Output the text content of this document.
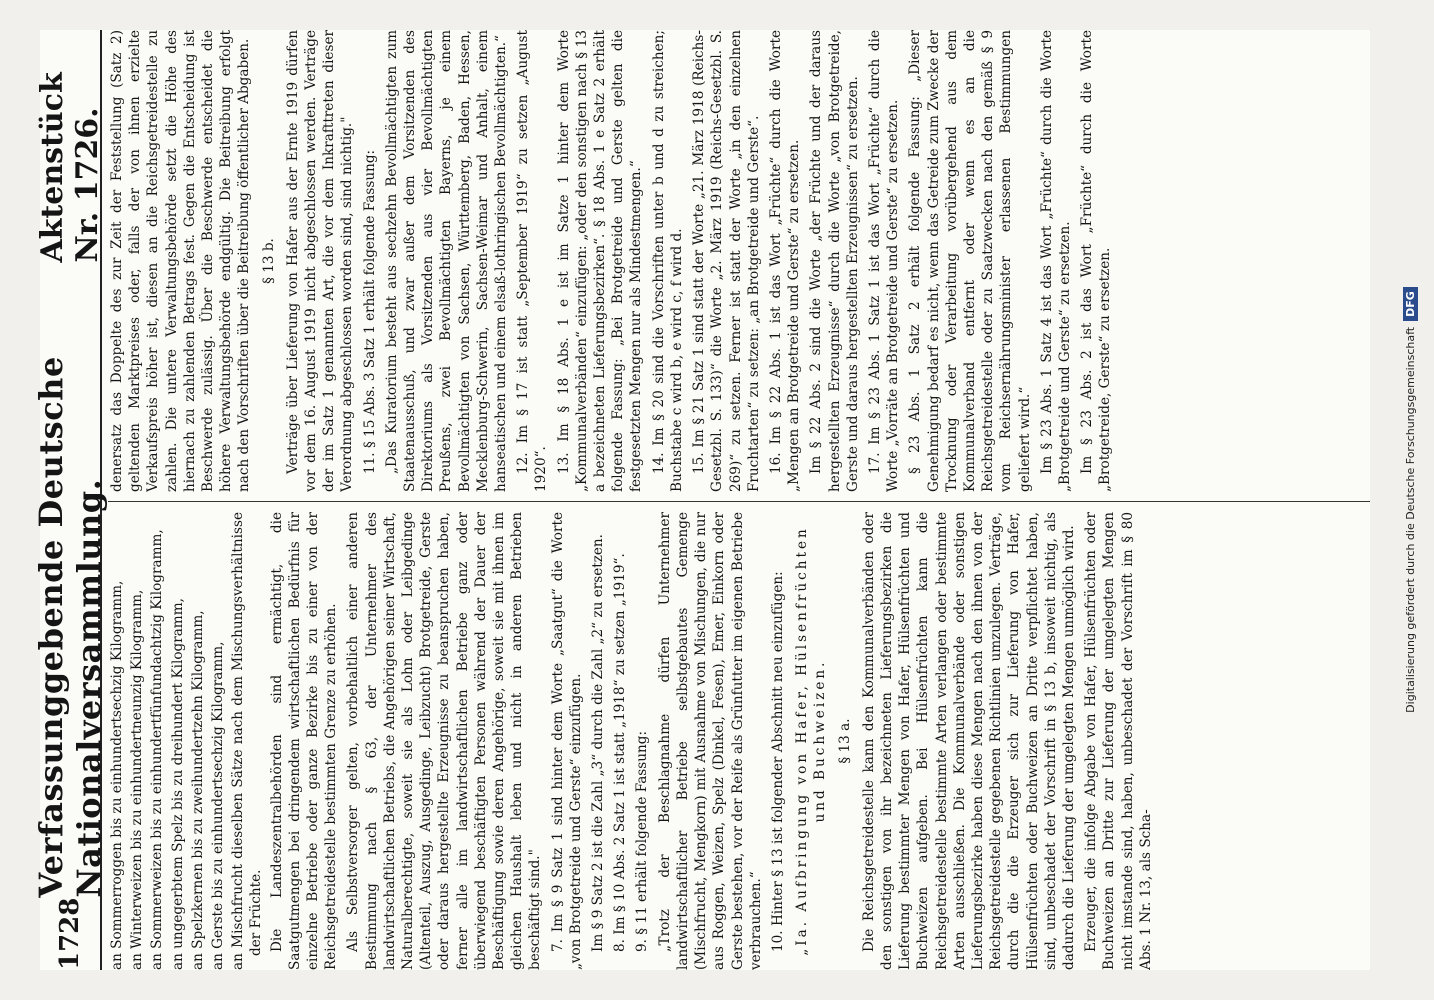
1728
Verfassunggebende Deutsche Nationalversammlung.
Aktenstück Nr. 1726.

an Sommerroggen bis zu einhundertsechzig Kilogramm, an Winterweizen bis zu einhundertneunzig Kilogramm, an Sommerweizen bis zu einhundertfünfundachtzig Kilogramm, an ungegerbtem Spelz bis zu dreihundert Kilogramm, an Spelzkernen bis zu zweihundertzehn Kilogramm, an Gerste bis zu einhundertsechzig Kilogramm, an Mischfrucht dieselben Sätze nach dem Mischungsverhältnisse der Früchte. Die Landeszentralbehörden sind ermächtigt, die Saatgutmengen bei dringendem wirtschaftlichen Bedürfnis für einzelne Betriebe oder ganze Bezirke bis zu einer von der Reichsgetreidestelle bestimmten Grenze zu erhöhen. Als Selbstversorger gelten, vorbehaltlich einer anderen Bestimmung nach § 63, der Unternehmer des landwirtschaftlichen Betriebs, die Angehörigen seiner Wirtschaft, Naturalberechtigte, soweit sie als Lohn oder Leibgedinge (Altenteil, Auszug, Ausgedinge, Leibzucht) Brotgetreide, Gerste oder daraus hergestellte Erzeugnisse zu beanspruchen haben, ferner alle im landwirtschaftlichen Betriebe ganz oder überwiegend beschäftigten Personen während der Dauer der Beschäftigung sowie deren Angehörige, soweit sie mit ihnen im gleichen Haushalt leben und nicht in anderen Betrieben beschäftigt sind." 7. Im § 9 Satz 1 sind hinter dem Worte „Saatgut“ die Worte „von Brotgetreide und Gerste“ einzufügen. Im § 9 Satz 2 ist die Zahl „3“ durch die Zahl „2“ zu ersetzen. 8. Im § 10 Abs. 2 Satz 1 ist statt „1918“ zu setzen „1919“. 9. § 11 erhält folgende Fassung: „Trotz der Beschlagnahme dürfen Unternehmer landwirtschaftlicher Betriebe selbstgebautes Gemenge (Mischfrucht, Mengkorn) mit Ausnahme von Mischungen, die nur aus Roggen, Weizen, Spelz (Dinkel, Fesen), Emer, Einkorn oder Gerste bestehen, vor der Reife als Grünfutter im eigenen Betriebe verbrauchen.“ 10. Hinter § 13 ist folgender Abschnitt neu einzufügen: „Ia. Aufbringung von Hafer, Hülsenfrüchten und Buchweizen. § 13 a. Die Reichsgetreidestelle kann den Kommunalverbänden oder den sonstigen von ihr bezeichneten Lieferungsbezirken die Lieferung bestimmter Mengen von Hafer, Hülsenfrüchten und Buchweizen aufgeben. Bei Hülsenfrüchten kann die Reichsgetreidestelle bestimmte Arten verlangen oder bestimmte Arten ausschließen. Die Kommunalverbände oder sonstigen Lieferungsbezirke haben diese Mengen nach den ihnen von der Reichsgetreidestelle gegebenen Richtlinien umzulegen. Verträge, durch die die Erzeuger sich zur Lieferung von Hafer, Hülsenfrüchten oder Buchweizen an Dritte verpflichtet haben, sind, unbeschadet der Vorschrift in § 13 b, insoweit nichtig, als dadurch die Lieferung der umgelegten Mengen unmöglich wird. Erzeuger, die infolge Abgabe von Hafer, Hülsenfrüchten oder Buchweizen an Dritte zur Lieferung der umgelegten Mengen nicht imstande sind, haben, unbeschadet der Vorschrift im § 80 Abs. 1 Nr. 13, als Scha-

denersatz das Doppelte des zur Zeit der Feststellung (Satz 2) geltenden Marktpreises oder, falls der von ihnen erzielte Verkaufspreis höher ist, diesen an die Reichsgetreidestelle zu zahlen. Die untere Verwaltungsbehörde setzt die Höhe des hiernach zu zahlenden Betrags fest. Gegen die Entscheidung ist Beschwerde zulässig. Über die Beschwerde entscheidet die höhere Verwaltungsbehörde endgültig. Die Beitreibung erfolgt nach den Vorschriften über die Beitreibung öffentlicher Abgaben. § 13 b. Verträge über Lieferung von Hafer aus der Ernte 1919 dürfen vor dem 16. August 1919 nicht abgeschlossen werden. Verträge der im Satz 1 genannten Art, die vor dem Inkrafttreten dieser Verordnung abgeschlossen worden sind, sind nichtig." 11. § 15 Abs. 3 Satz 1 erhält folgende Fassung: „Das Kuratorium besteht aus sechzehn Bevollmächtigten zum Staatenausschuß, und zwar außer dem Vorsitzenden des Direktoriums als Vorsitzenden aus vier Bevollmächtigten Preußens, zwei Bevollmächtigten Bayerns, je einem Bevollmächtigten von Sachsen, Württemberg, Baden, Hessen, Mecklenburg-Schwerin, Sachsen-Weimar und Anhalt, einem hanseatischen und einem elsaß-lothringischen Bevollmächtigten.“ 12. Im § 17 ist statt „September 1919“ zu setzen „August 1920“. 13. Im § 18 Abs. 1 e ist im Satze 1 hinter dem Worte „Kommunalverbänden“ einzufügen: „oder den sonstigen nach § 13 a bezeichneten Lieferungsbezirken“. § 18 Abs. 1 e Satz 2 erhält folgende Fassung: „Bei Brotgetreide und Gerste gelten die festgesetzten Mengen nur als Mindestmengen.“ 14. Im § 20 sind die Vorschriften unter b und d zu streichen; Buchstabe c wird b, e wird c, f wird d. 15. Im § 21 Satz 1 sind statt der Worte „21. März 1918 (Reichs-Gesetzbl. S. 133)“ die Worte „2. März 1919 (Reichs-Gesetzbl. S. 269)“ zu setzen. Ferner ist statt der Worte „in den einzelnen Fruchtarten“ zu setzen: „an Brotgetreide und Gerste“. 16. Im § 22 Abs. 1 ist das Wort „Früchte“ durch die Worte „Mengen an Brotgetreide und Gerste“ zu ersetzen. Im § 22 Abs. 2 sind die Worte „der Früchte und der daraus hergestellten Erzeugnisse“ durch die Worte „von Brotgetreide, Gerste und daraus hergestellten Erzeugnissen“ zu ersetzen. 17. Im § 23 Abs. 1 Satz 1 ist das Wort „Früchte“ durch die Worte „Vorräte an Brotgetreide und Gerste“ zu ersetzen. § 23 Abs. 1 Satz 2 erhält folgende Fassung: „Dieser Genehmigung bedarf es nicht, wenn das Getreide zum Zwecke der Trocknung oder Verarbeitung vorübergehend aus dem Kommunalverband entfernt oder wenn es an die Reichsgetreidestelle oder zu Saatzwecken nach den gemäß § 9 vom Reichsernährungsminister erlassenen Bestimmungen geliefert wird.“ Im § 23 Abs. 1 Satz 4 ist das Wort „Früchte“ durch die Worte „Brotgetreide und Gerste“ zu ersetzen. Im § 23 Abs. 2 ist das Wort „Früchte“ durch die Worte „Brotgetreide, Gerste“ zu ersetzen.	Digitalisierung gefördert durch die Deutsche Forschungsgemeinschaft
DFG
